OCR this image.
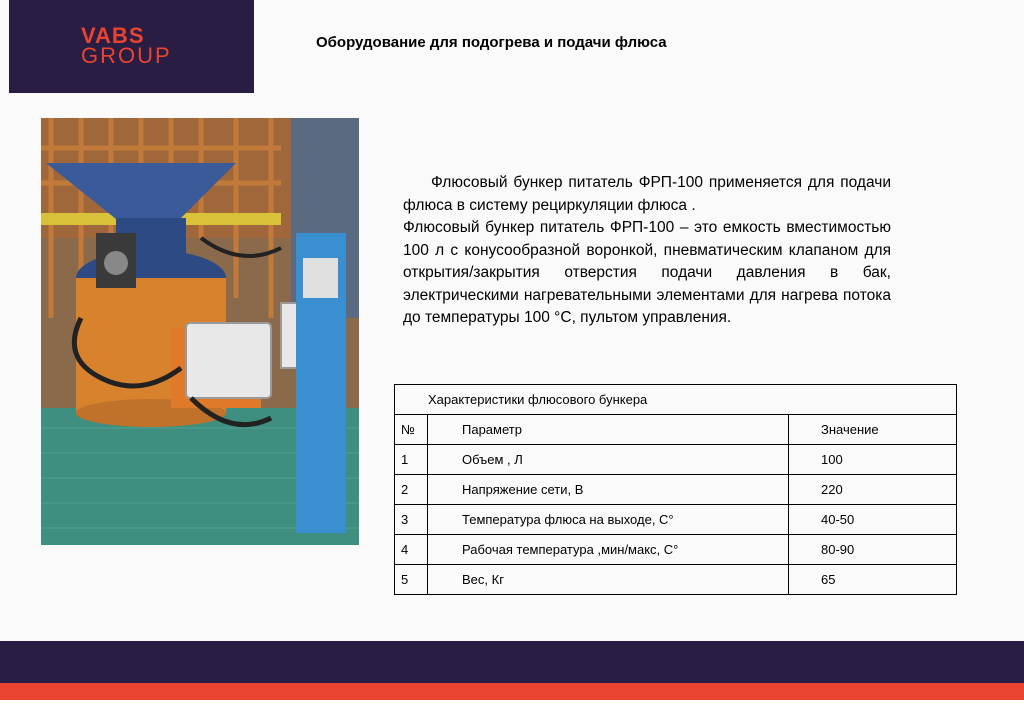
VABS
GROUP
Оборудование для подогрева и подачи флюса

Флюсовый бункер питатель ФРП-100 применяется для подачи флюса в систему рециркуляции флюса .

Флюсовый бункер питатель ФРП-100 – это емкость вместимостью 100 л с конусообразной воронкой, пневматическим клапаном для открытия/закрытия отверстия подачи давления в бак, электрическими нагревательными элементами для нагрева потока до температуры 100 °С, пультом управления.

Характеристики флюсового бункера		
№	Параметр	Значение
1	Объем , Л	100
2	Напряжение сети, В	220
3	Температура флюса на выходе, С°	40-50
4	Рабочая температура ,мин/макс, С°	80-90
5	Вес, Кг	65
